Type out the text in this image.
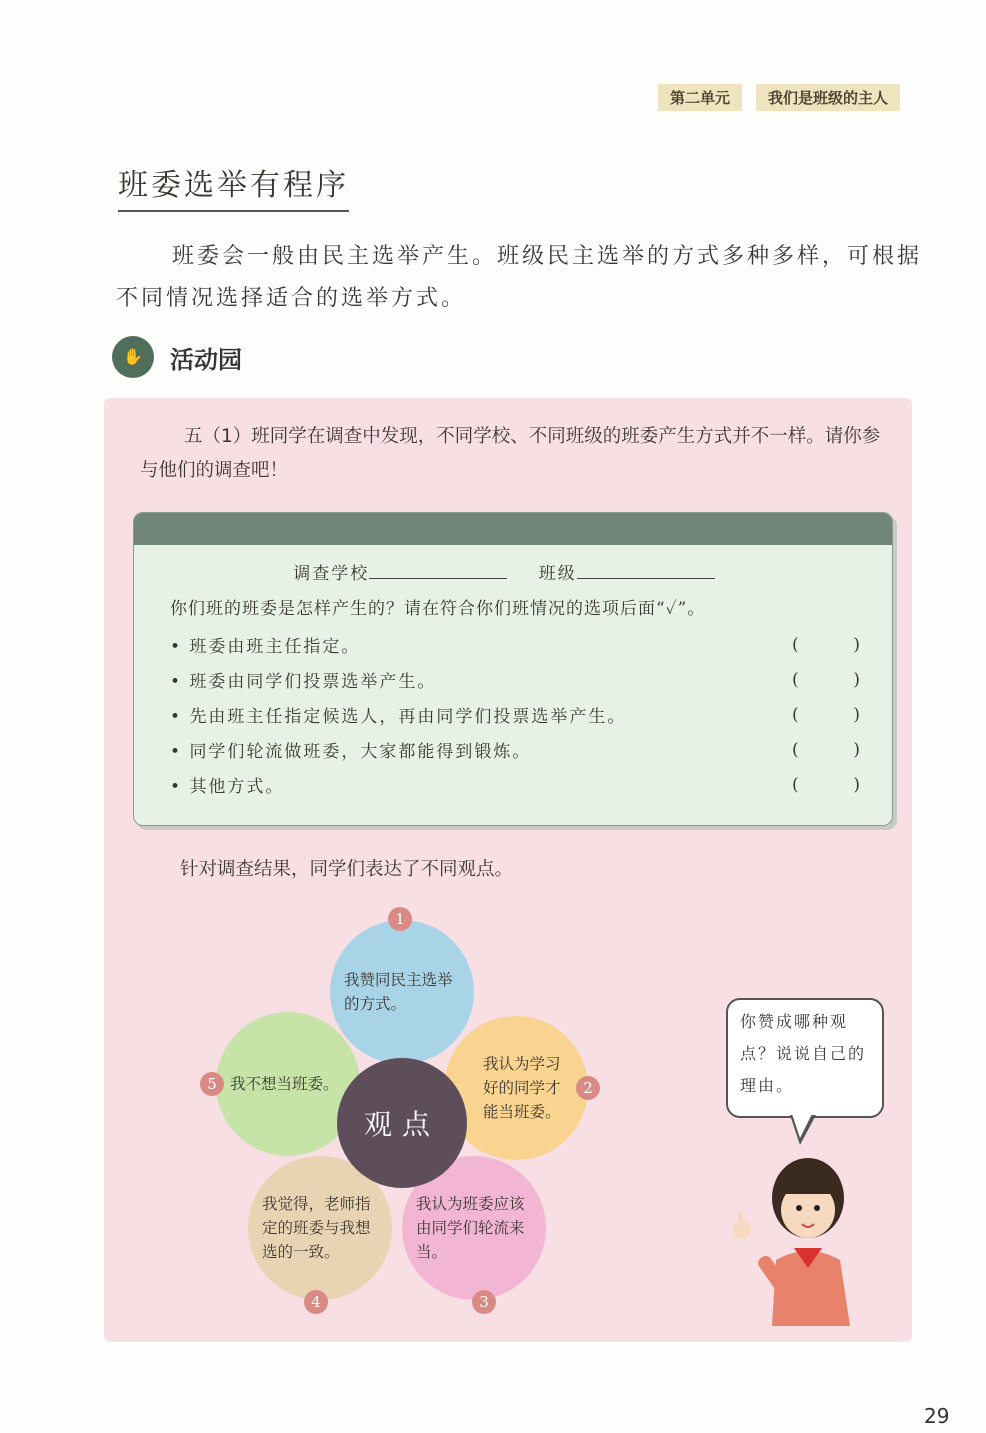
第二单元	我们是班级的主人
班委选举有程序
班委会一般由民主选举产生。班级民主选举的方式多种多样，可根据不同情况选择适合的选举方式。
✋	活动园
五（1）班同学在调查中发现，不同学校、不同班级的班委产生方式并不一样。请你参与他们的调查吧！
调查学校	班级
你们班的班委是怎样产生的？请在符合你们班情况的选项后面“✓”。
• 班委由班主任指定。	(	)
• 班委由同学们投票选举产生。	(	)
• 先由班主任指定候选人，再由同学们投票选举产生。	(	)
• 同学们轮流做班委，大家都能得到锻炼。	(	)
• 其他方式。	(	)
针对调查结果，同学们表达了不同观点。
我赞同民主选举的方式。
1
我认为学习好的同学才能当班委。
2
我认为班委应该由同学们轮流来当。
3
我觉得，老师指定的班委与我想选的一致。
4
我不想当班委。
5
观点
你赞成哪种观点？说说自己的理由。
29
